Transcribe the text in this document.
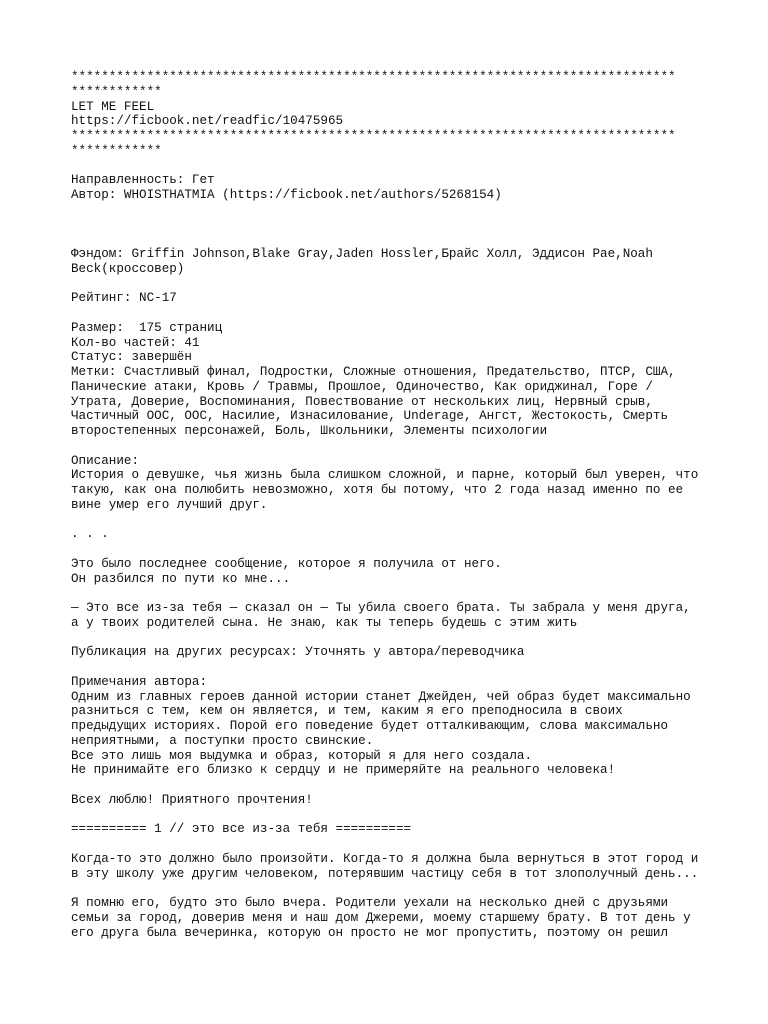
********************************************************************************
************
LET ME FEEL
https://ficbook.net/readfic/10475965
********************************************************************************
************
Направленность: Гет
Автор: WHOISTHATMIA (https://ficbook.net/authors/5268154)
Фэндом: Griffin Johnson,Blake Gray,Jaden Hossler,Брайс Холл, Эддисон Рае,Noah
Beck(кроссовер)
Рейтинг: NC-17
Размер:  175 страниц
Кол-во частей: 41
Статус: завершён
Метки: Счастливый финал, Подростки, Сложные отношения, Предательство, ПТСР, США,
Панические атаки, Кровь / Травмы, Прошлое, Одиночество, Как ориджинал, Горе /
Утрата, Доверие, Воспоминания, Повествование от нескольких лиц, Нервный срыв,
Частичный ООС, ООС, Насилие, Изнасилование, Underage, Ангст, Жестокость, Смерть
второстепенных персонажей, Боль, Школьники, Элементы психологии
Описание:
История о девушке, чья жизнь была слишком сложной, и парне, который был уверен, что
такую, как она полюбить невозможно, хотя бы потому, что 2 года назад именно по ее
вине умер его лучший друг.
. . .
Это было последнее сообщение, которое я получила от него.
Он разбился по пути ко мне...
— Это все из-за тебя — сказал он — Ты убила своего брата. Ты забрала у меня друга,
а у твоих родителей сына. Не знаю, как ты теперь будешь с этим жить
Публикация на других ресурсах: Уточнять у автора/переводчика
Примечания автора:
Одним из главных героев данной истории станет Джейден, чей образ будет максимально
разниться с тем, кем он является, и тем, каким я его преподносила в своих
предыдущих историях. Порой его поведение будет отталкивающим, слова максимально
неприятными, а поступки просто свинские.
Все это лишь моя выдумка и образ, который я для него создала.
Не принимайте его близко к сердцу и не примеряйте на реального человека!
Всех люблю! Приятного прочтения!
========== 1 // это все из-за тебя ==========
Когда-то это должно было произойти. Когда-то я должна была вернуться в этот город и
в эту школу уже другим человеком, потерявшим частицу себя в тот злополучный день...
Я помню его, будто это было вчера. Родители уехали на несколько дней с друзьями
семьи за город, доверив меня и наш дом Джереми, моему старшему брату. В тот день у
его друга была вечеринка, которую он просто не мог пропустить, поэтому он решил
